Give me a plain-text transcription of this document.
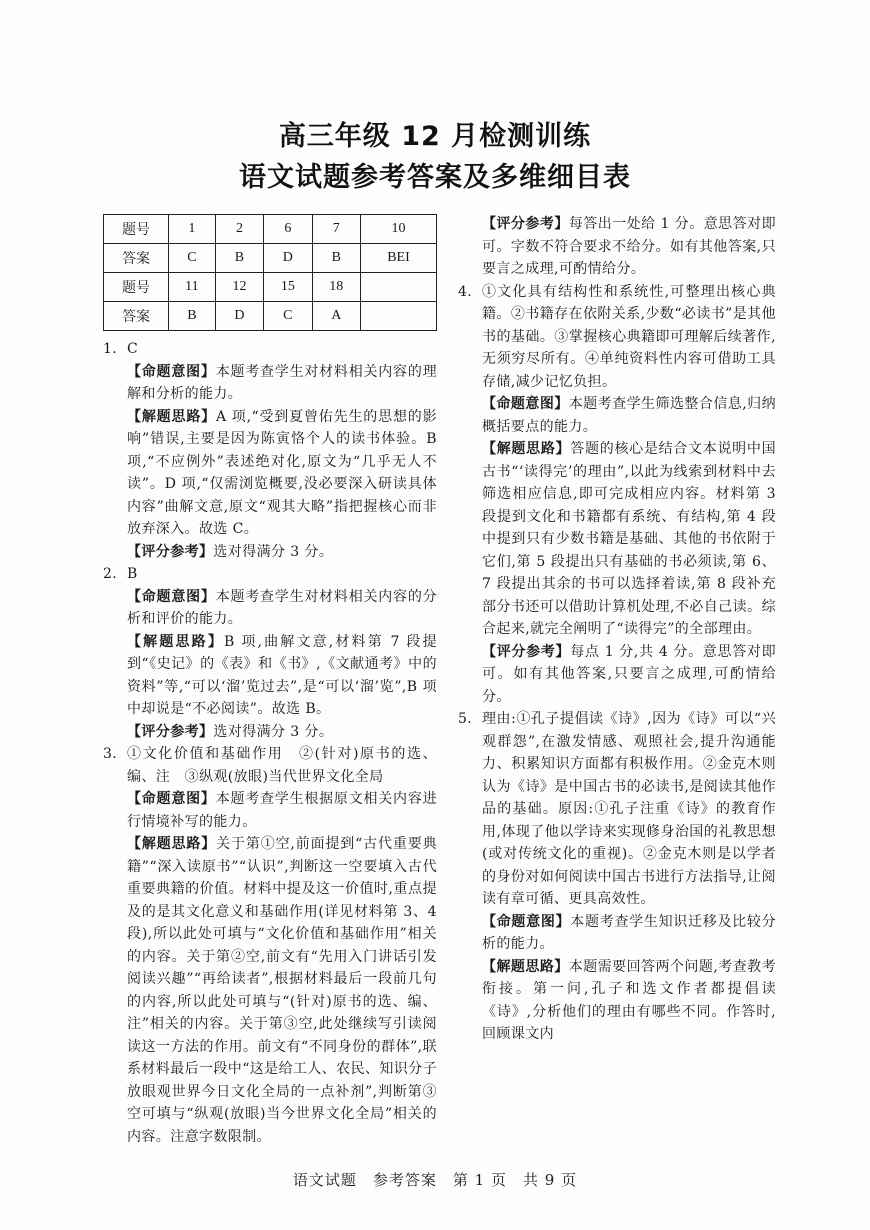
高三年级 12 月检测训练
语文试题参考答案及多维细目表
题号	1	2	6	7	10
答案	C	B	D	B	BEI
题号	11	12	15	18	
答案	B	D	C	A	
1. C

【命题意图】本题考查学生对材料相关内容的理解和分析的能力。

【解题思路】A 项,“受到夏曾佑先生的思想的影响”错误,主要是因为陈寅恪个人的读书体验。B 项,“不应例外”表述绝对化,原文为“几乎无人不读”。D 项,“仅需浏览概要,没必要深入研读具体内容”曲解文意,原文“观其大略”指把握核心而非放弃深入。故选 C。

【评分参考】选对得满分 3 分。

2. B

【命题意图】本题考查学生对材料相关内容的分析和评价的能力。

【解题思路】B 项,曲解文意,材料第 7 段提到“《史记》的《表》和《书》,《文献通考》中的资料”等,“可以‘溜’览过去”,是“可以‘溜’览”,B 项中却说是“不必阅读”。故选 B。

【评分参考】选对得满分 3 分。

3. ①文化价值和基础作用　②(针对)原书的选、编、注　③纵观(放眼)当代世界文化全局

【命题意图】本题考查学生根据原文相关内容进行情境补写的能力。

【解题思路】关于第①空,前面提到“古代重要典籍”“深入读原书”“认识”,判断这一空要填入古代重要典籍的价值。材料中提及这一价值时,重点提及的是其文化意义和基础作用(详见材料第 3、4 段),所以此处可填与“文化价值和基础作用”相关的内容。关于第②空,前文有“先用入门讲话引发阅读兴趣”“再给读者”,根据材料最后一段前几句的内容,所以此处可填与“(针对)原书的选、编、注”相关的内容。关于第③空,此处继续写引读阅读这一方法的作用。前文有“不同身份的群体”,联系材料最后一段中“这是给工人、农民、知识分子放眼观世界今日文化全局的一点补剂”,判断第③空可填与“纵观(放眼)当今世界文化全局”相关的内容。注意字数限制。

【评分参考】每答出一处给 1 分。意思答对即可。字数不符合要求不给分。如有其他答案,只要言之成理,可酌情给分。

4. ①文化具有结构性和系统性,可整理出核心典籍。②书籍存在依附关系,少数“必读书”是其他书的基础。③掌握核心典籍即可理解后续著作,无须穷尽所有。④单纯资料性内容可借助工具存储,减少记忆负担。

【命题意图】本题考查学生筛选整合信息,归纳概括要点的能力。

【解题思路】答题的核心是结合文本说明中国古书“‘读得完’的理由”,以此为线索到材料中去筛选相应信息,即可完成相应内容。材料第 3 段提到文化和书籍都有系统、有结构,第 4 段中提到只有少数书籍是基础、其他的书依附于它们,第 5 段提出只有基础的书必须读,第 6、7 段提出其余的书可以选择着读,第 8 段补充部分书还可以借助计算机处理,不必自己读。综合起来,就完全阐明了“读得完”的全部理由。

【评分参考】每点 1 分,共 4 分。意思答对即可。如有其他答案,只要言之成理,可酌情给分。

5. 理由:①孔子提倡读《诗》,因为《诗》可以“兴观群怨”,在激发情感、观照社会,提升沟通能力、积累知识方面都有积极作用。②金克木则认为《诗》是中国古书的必读书,是阅读其他作品的基础。原因:①孔子注重《诗》的教育作用,体现了他以学诗来实现修身治国的礼教思想(或对传统文化的重视)。②金克木则是以学者的身份对如何阅读中国古书进行方法指导,让阅读有章可循、更具高效性。

【命题意图】本题考查学生知识迁移及比较分析的能力。

【解题思路】本题需要回答两个问题,考查教考衔接。第一问,孔子和选文作者都提倡读《诗》,分析他们的理由有哪些不同。作答时,回顾课文内

语文试题　参考答案　第 1 页　共 9 页
